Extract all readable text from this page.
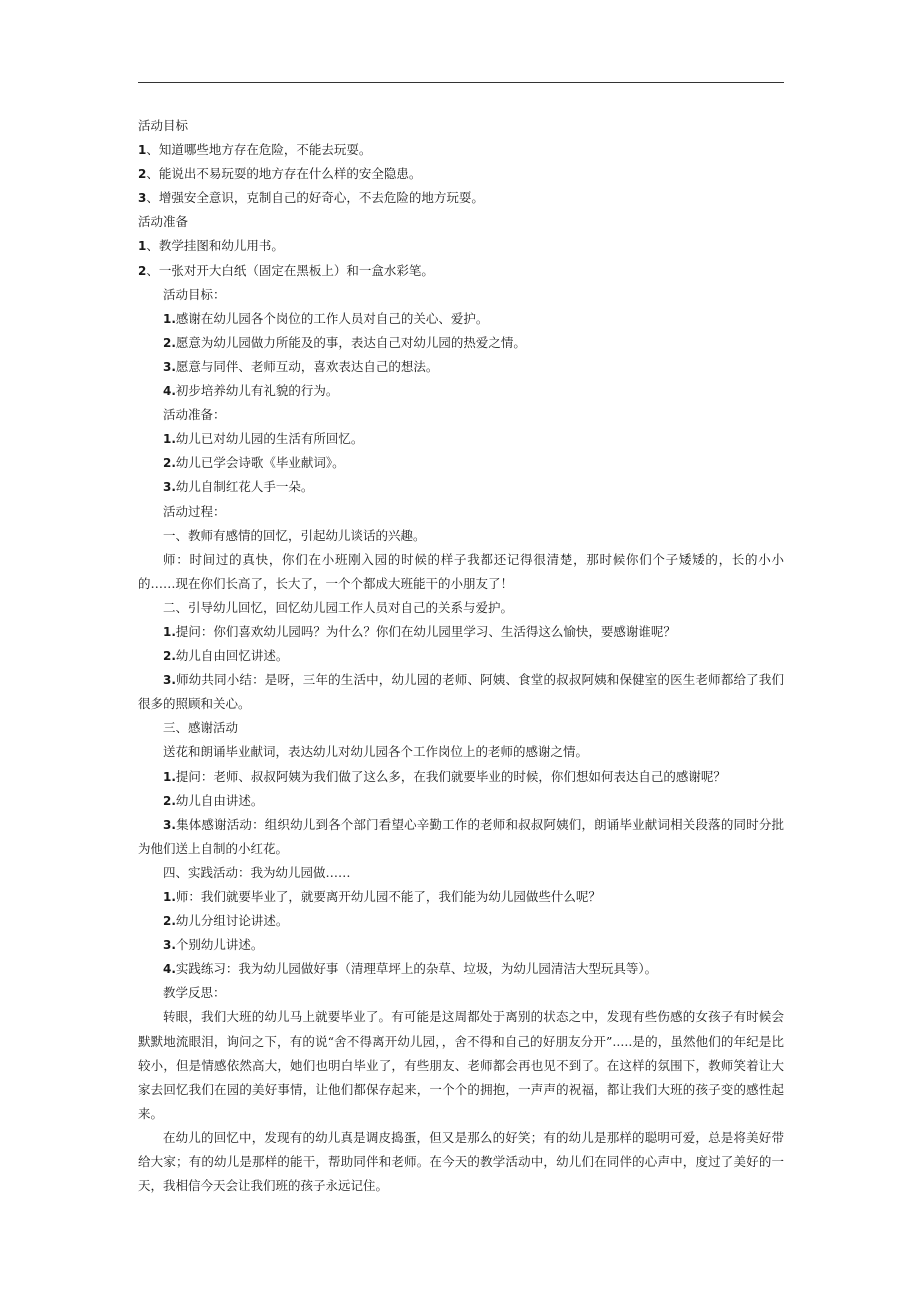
活动目标
1、知道哪些地方存在危险，不能去玩耍。
2、能说出不易玩耍的地方存在什么样的安全隐患。
3、增强安全意识，克制自己的好奇心，不去危险的地方玩耍。
活动准备
1、教学挂图和幼儿用书。
2、一张对开大白纸（固定在黑板上）和一盒水彩笔。
活动目标：
1.感谢在幼儿园各个岗位的工作人员对自己的关心、爱护。
2.愿意为幼儿园做力所能及的事，表达自己对幼儿园的热爱之情。
3.愿意与同伴、老师互动，喜欢表达自己的想法。
4.初步培养幼儿有礼貌的行为。
活动准备：
1.幼儿已对幼儿园的生活有所回忆。
2.幼儿已学会诗歌《毕业献词》。
3.幼儿自制红花人手一朵。
活动过程：
一、教师有感情的回忆，引起幼儿谈话的兴趣。
师：时间过的真快，你们在小班刚入园的时候的样子我都还记得很清楚，那时候你们个子矮矮的，长的小小的……现在你们长高了，长大了，一个个都成大班能干的小朋友了！
二、引导幼儿回忆，回忆幼儿园工作人员对自己的关系与爱护。
1.提问：你们喜欢幼儿园吗？为什么？你们在幼儿园里学习、生活得这么愉快，要感谢谁呢？
2.幼儿自由回忆讲述。
3.师幼共同小结：是呀，三年的生活中，幼儿园的老师、阿姨、食堂的叔叔阿姨和保健室的医生老师都给了我们很多的照顾和关心。
三、感谢活动
送花和朗诵毕业献词，表达幼儿对幼儿园各个工作岗位上的老师的感谢之情。
1.提问：老师、叔叔阿姨为我们做了这么多，在我们就要毕业的时候，你们想如何表达自己的感谢呢？
2.幼儿自由讲述。
3.集体感谢活动：组织幼儿到各个部门看望心辛勤工作的老师和叔叔阿姨们，朗诵毕业献词相关段落的同时分批为他们送上自制的小红花。
四、实践活动：我为幼儿园做……
1.师：我们就要毕业了，就要离开幼儿园不能了，我们能为幼儿园做些什么呢？
2.幼儿分组讨论讲述。
3.个别幼儿讲述。
4.实践练习：我为幼儿园做好事（清理草坪上的杂草、垃圾，为幼儿园清洁大型玩具等）。
教学反思：
转眼，我们大班的幼儿马上就要毕业了。有可能是这周都处于离别的状态之中，发现有些伤感的女孩子有时候会默默地流眼泪，询问之下，有的说“舍不得离开幼儿园，，舍不得和自己的好朋友分开”.....是的，虽然他们的年纪是比较小，但是情感依然高大，她们也明白毕业了，有些朋友、老师都会再也见不到了。在这样的氛围下，教师笑着让大家去回忆我们在园的美好事情，让他们都保存起来，一个个的拥抱，一声声的祝福，都让我们大班的孩子变的感性起来。
在幼儿的回忆中，发现有的幼儿真是调皮捣蛋，但又是那么的好笑；有的幼儿是那样的聪明可爱，总是将美好带给大家；有的幼儿是那样的能干，帮助同伴和老师。在今天的教学活动中，幼儿们在同伴的心声中，度过了美好的一天，我相信今天会让我们班的孩子永远记住。
